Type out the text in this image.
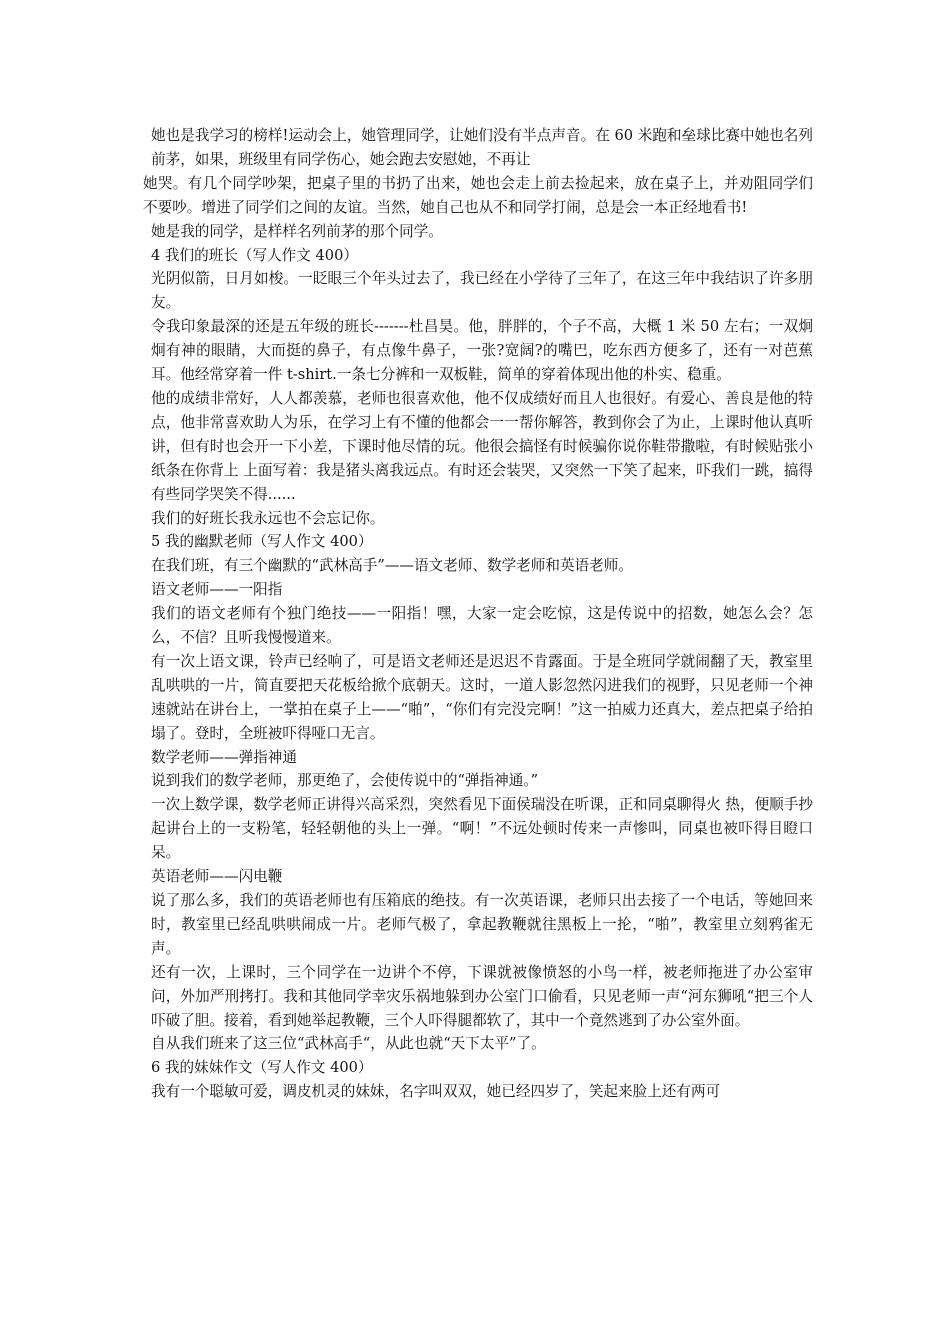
她也是我学习的榜样!运动会上，她管理同学，让她们没有半点声音。在 60 米跑和垒球比赛中她也名列前茅，如果，班级里有同学伤心，她会跑去安慰她，不再让

她哭。有几个同学吵架，把桌子里的书扔了出来，她也会走上前去捡起来，放在桌子上，并劝阻同学们不要吵。增进了同学们之间的友谊。当然，她自己也从不和同学打闹，总是会一本正经地看书!

她是我的同学，是样样名列前茅的那个同学。

4 我们的班长（写人作文 400）

光阴似箭，日月如梭。一眨眼三个年头过去了，我已经在小学待了三年了，在这三年中我结识了许多朋友。

令我印象最深的还是五年级的班长-------杜昌昊。他，胖胖的，个子不高，大概 1 米 50 左右；一双炯炯有神的眼睛，大而挺的鼻子，有点像牛鼻子，一张?宽阔?的嘴巴，吃东西方便多了，还有一对芭蕉耳。他经常穿着一件 t-shirt.一条七分裤和一双板鞋，简单的穿着体现出他的朴实、稳重。

他的成绩非常好，人人都羡慕，老师也很喜欢他，他不仅成绩好而且人也很好。有爱心、善良是他的特点，他非常喜欢助人为乐，在学习上有不懂的他都会一一帮你解答，教到你会了为止，上课时他认真听讲，但有时也会开一下小差，下课时他尽情的玩。他很会搞怪有时候骗你说你鞋带撒啦，有时候贴张小纸条在你背上 上面写着：我是猪头离我远点。有时还会装哭，又突然一下笑了起来，吓我们一跳，搞得有些同学哭笑不得......

我们的好班长我永远也不会忘记你。

5 我的幽默老师（写人作文 400）

在我们班，有三个幽默的“武林高手”——语文老师、数学老师和英语老师。

语文老师——一阳指

我们的语文老师有个独门绝技——一阳指！嘿，大家一定会吃惊，这是传说中的招数，她怎么会？怎么，不信？且听我慢慢道来。

有一次上语文课，铃声已经响了，可是语文老师还是迟迟不肯露面。于是全班同学就闹翻了天，教室里乱哄哄的一片，简直要把天花板给掀个底朝天。这时，一道人影忽然闪进我们的视野，只见老师一个神速就站在讲台上，一掌拍在桌子上——“啪”，“你们有完没完啊！”这一拍威力还真大，差点把桌子给拍塌了。登时，全班被吓得哑口无言。

数学老师——弹指神通

说到我们的数学老师，那更绝了，会使传说中的“弹指神通。”

一次上数学课，数学老师正讲得兴高采烈，突然看见下面侯瑞没在听课，正和同桌聊得火 热，便顺手抄起讲台上的一支粉笔，轻轻朝他的头上一弹。“啊！”不远处顿时传来一声惨叫，同桌也被吓得目瞪口呆。

英语老师——闪电鞭

说了那么多，我们的英语老师也有压箱底的绝技。有一次英语课，老师只出去接了一个电话，等她回来时，教室里已经乱哄哄闹成一片。老师气极了，拿起教鞭就往黑板上一抡，“啪”，教室里立刻鸦雀无声。

还有一次，上课时，三个同学在一边讲个不停，下课就被像愤怒的小鸟一样，被老师拖进了办公室审问，外加严刑拷打。我和其他同学幸灾乐祸地躲到办公室门口偷看，只见老师一声“河东狮吼“把三个人吓破了胆。接着，看到她举起教鞭，三个人吓得腿都软了，其中一个竟然逃到了办公室外面。

自从我们班来了这三位“武林高手“，从此也就“天下太平”了。

6 我的妹妹作文（写人作文 400）

我有一个聪敏可爱，调皮机灵的妹妹，名字叫双双，她已经四岁了，笑起来脸上还有两可
